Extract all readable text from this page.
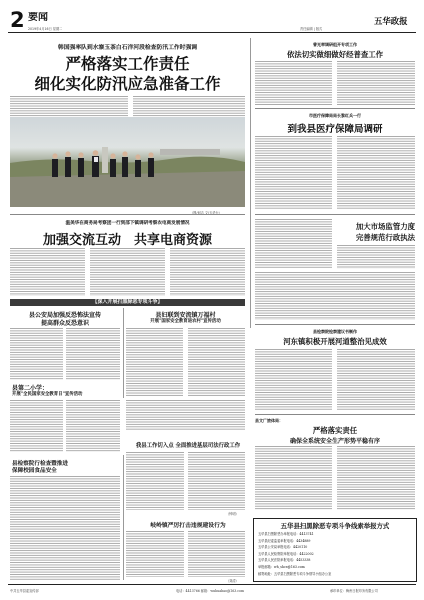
2 要闻
2019年4月16日 星期二	责任编辑 | 版式
五华政报
韩国强率队到水寨玉茶白石洋河段检查防汛工作时强调
严格落实工作责任
细化实化防汛应急准备工作
（图/何吉 文/五华台）
曾光率调研组开专项工作
依法切实做细做好经普查工作
市医疗保障局局长黎红兵一行
到我县医疗保障局调研
加大市场监管力度
完善规范行政执法
县检察院检察建议书制作
河东镇积极开展河道整治见成效
县文广旅体局：
严格落实责任
确保全系统安全生产形势平稳有序
五华县扫黑除恶专项斗争线索举报方式
五华县扫黑除恶办举报电话：4413741
五华县纪委监委举报电话：4434889
五华县公安局举报电话：4420110
五华县人民检察院举报电话：4422002
五华县人民法院举报电话：4453338
举报邮箱：wh_shce@163.com
邮寄地址：五华县扫黑除恶专项斗争领导小组办公室
温美华在商务局考察团一行到邵下镇调研考察农电商发展情况
加强交流互动　共享电商资源
【深入开展扫黑除恶专项斗争】
县公安局加强反恐怖法宣传
提高群众反恐意识
县妇联到安流镇万福村
开展"国家安全教育进农村"宣传活动
县第二小学：
开展"全民国家安全教育日"宣传活动
我县工作切入点 全面推进基层司法行政工作
（钟明）
岐岭镇严厉打击违规建设行为
（刘清）
县检察院行检查暨推进
保障校园食品安全
中共五华县委宣传部	电话：4413766 邮箱：wuhuabao@163.com	承印单位：梅州日报印务有限公司
